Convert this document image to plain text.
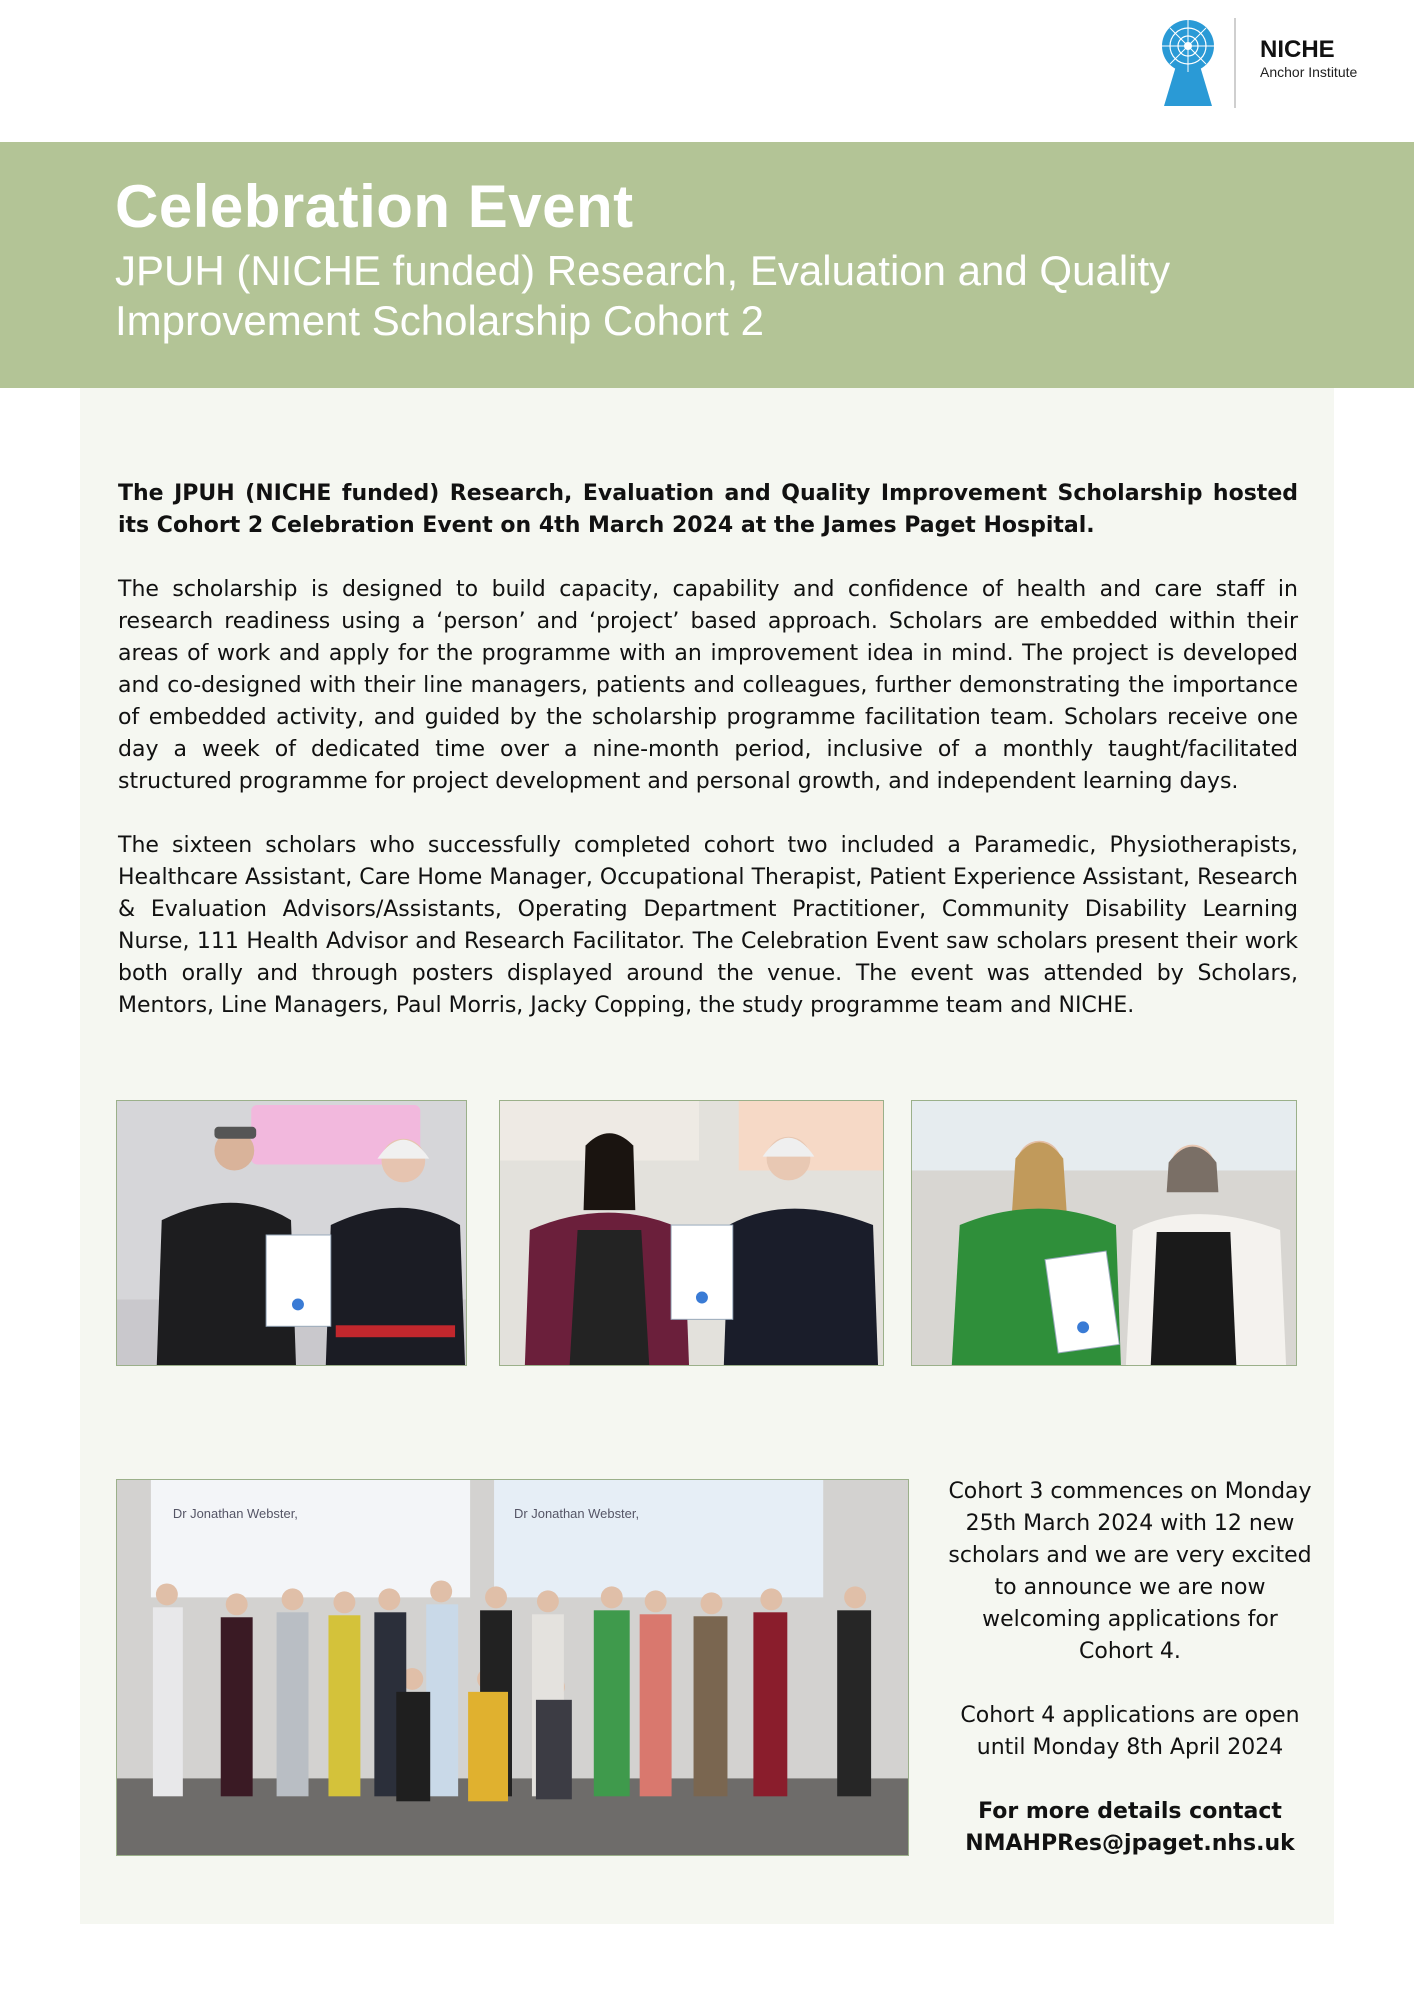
NICHE
Anchor Institute
Celebration Event
JPUH (NICHE funded) Research, Evaluation and Quality Improvement Scholarship Cohort 2

The JPUH (NICHE funded) Research, Evaluation and Quality Improvement Scholarship hosted its Cohort 2 Celebration Event on 4th March 2024 at the James Paget Hospital.

The scholarship is designed to build capacity, capability and confidence of health and care staff in research readiness using a ‘person’ and ‘project’ based approach. Scholars are embedded within their areas of work and apply for the programme with an improvement idea in mind. The project is developed and co-designed with their line managers, patients and colleagues, further demonstrating the importance of embedded activity, and guided by the scholarship programme facilitation team. Scholars receive one day a week of dedicated time over a nine-month period, inclusive of a monthly taught/facilitated structured programme for project development and personal growth, and independent learning days.

The sixteen scholars who successfully completed cohort two included a Paramedic, Physiotherapists, Healthcare Assistant, Care Home Manager, Occupational Therapist, Patient Experience Assistant, Research & Evaluation Advisors/Assistants, Operating Department Practitioner, Community Disability Learning Nurse, 111 Health Advisor and Research Facilitator. The Celebration Event saw scholars present their work both orally and through posters displayed around the venue. The event was attended by Scholars, Mentors, Line Managers, Paul Morris, Jacky Copping, the study programme team and NICHE.

Dr Jonathan Webster,	Dr Jonathan Webster,

Cohort 3 commences on Monday 25th March 2024 with 12 new scholars and we are very excited to announce we are now welcoming applications for Cohort 4.

Cohort 4 applications are open until Monday 8th April 2024

For more details contact

NMAHPRes@jpaget.nhs.uk
